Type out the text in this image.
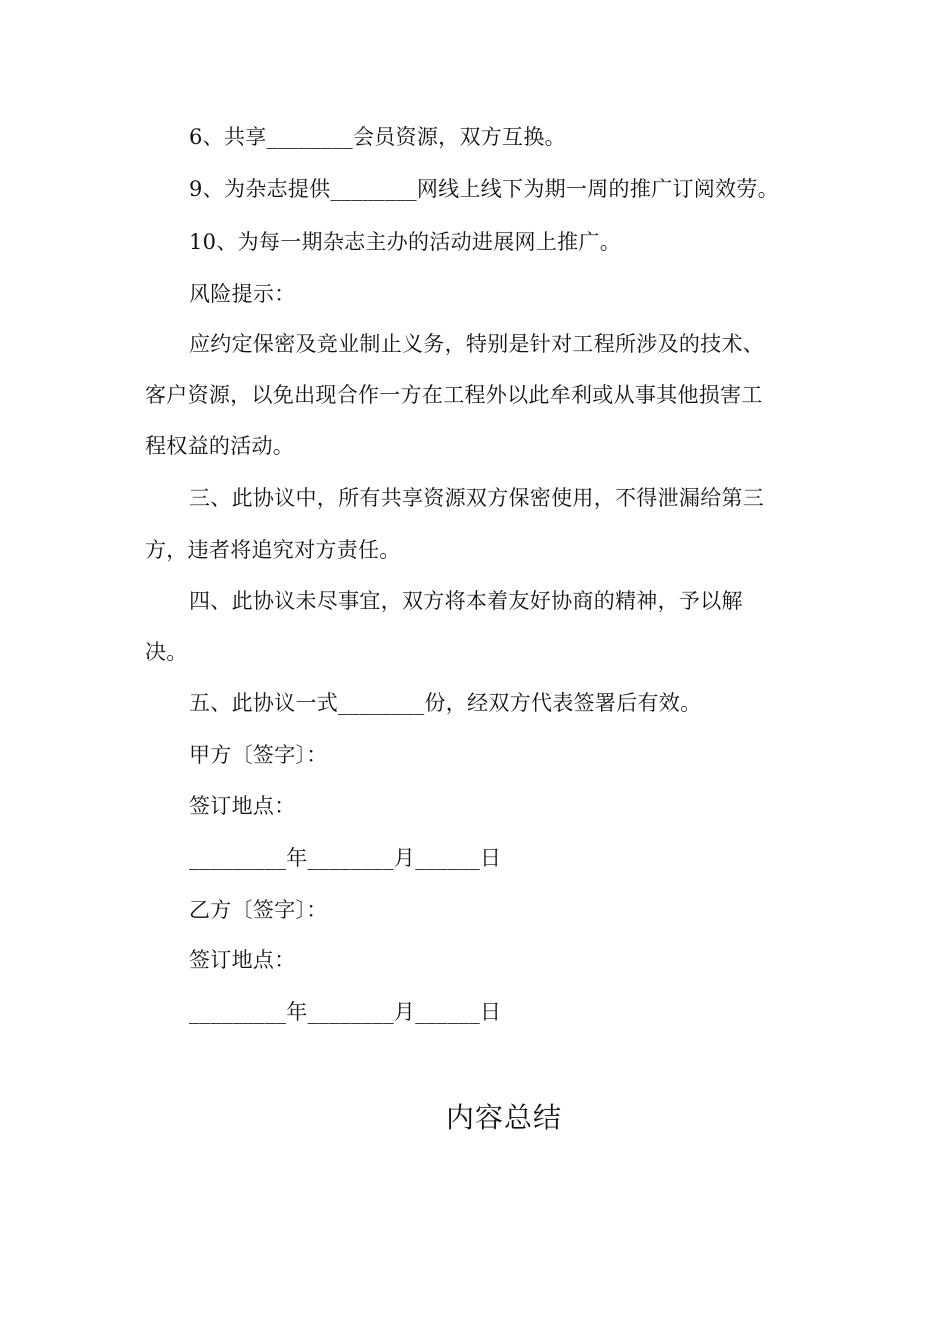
6、共享________会员资源，双方互换。
9、为杂志提供________网线上线下为期一周的推广订阅效劳。
10、为每一期杂志主办的活动进展网上推广。
风险提示：
应约定保密及竞业制止义务，特别是针对工程所涉及的技术、
客户资源，以免出现合作一方在工程外以此牟利或从事其他损害工
程权益的活动。
三、此协议中，所有共享资源双方保密使用，不得泄漏给第三
方，违者将追究对方责任。
四、此协议未尽事宜，双方将本着友好协商的精神，予以解
决。
五、此协议一式________份，经双方代表签署后有效。
甲方〔签字〕：
签订地点：
_________年________月______日
乙方〔签字〕：
签订地点：
_________年________月______日
内容总结
